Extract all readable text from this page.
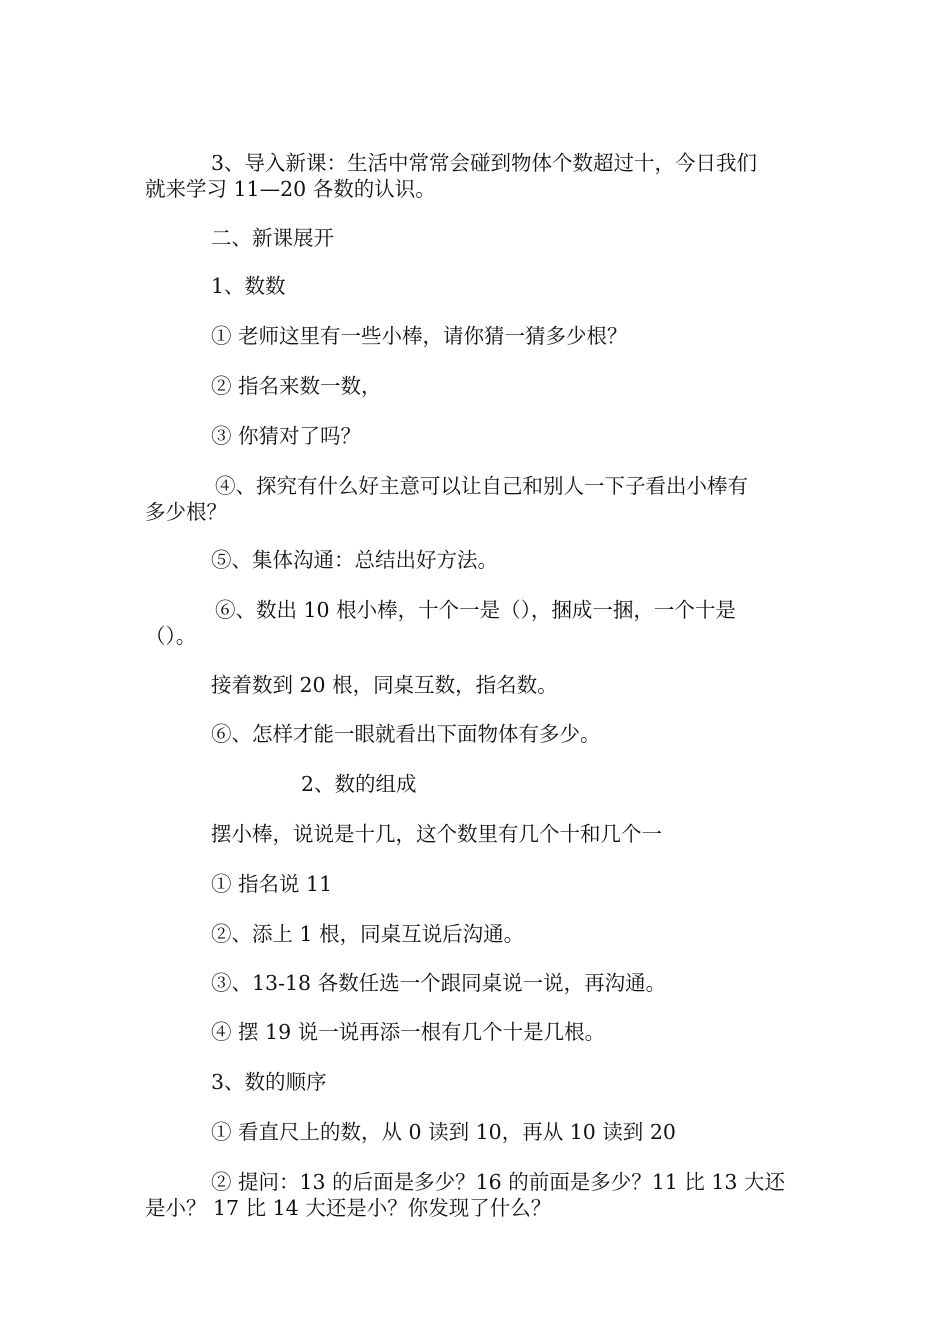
3、导入新课：生活中常常会碰到物体个数超过十，今日我们
就来学习 11—20 各数的认识。

二、新课展开

1、数数

① 老师这里有一些小棒，请你猜一猜多少根？

② 指名来数一数，

③ 你猜对了吗？

④、探究有什么好主意可以让自己和别人一下子看出小棒有
多少根？

⑤、集体沟通：总结出好方法。

⑥、数出 10 根小棒，十个一是（），捆成一捆，一个十是
（）。

接着数到 20 根，同桌互数，指名数。

⑥、怎样才能一眼就看出下面物体有多少。

2、数的组成

摆小棒，说说是十几，这个数里有几个十和几个一

① 指名说 11

②、添上 1 根，同桌互说后沟通。

③、13-18 各数任选一个跟同桌说一说，再沟通。

④ 摆 19 说一说再添一根有几个十是几根。

3、数的顺序

① 看直尺上的数，从 0 读到 10，再从 10 读到 20

② 提问：13 的后面是多少？16 的前面是多少？11 比 13 大还
是小？ 17 比 14 大还是小？你发现了什么？
